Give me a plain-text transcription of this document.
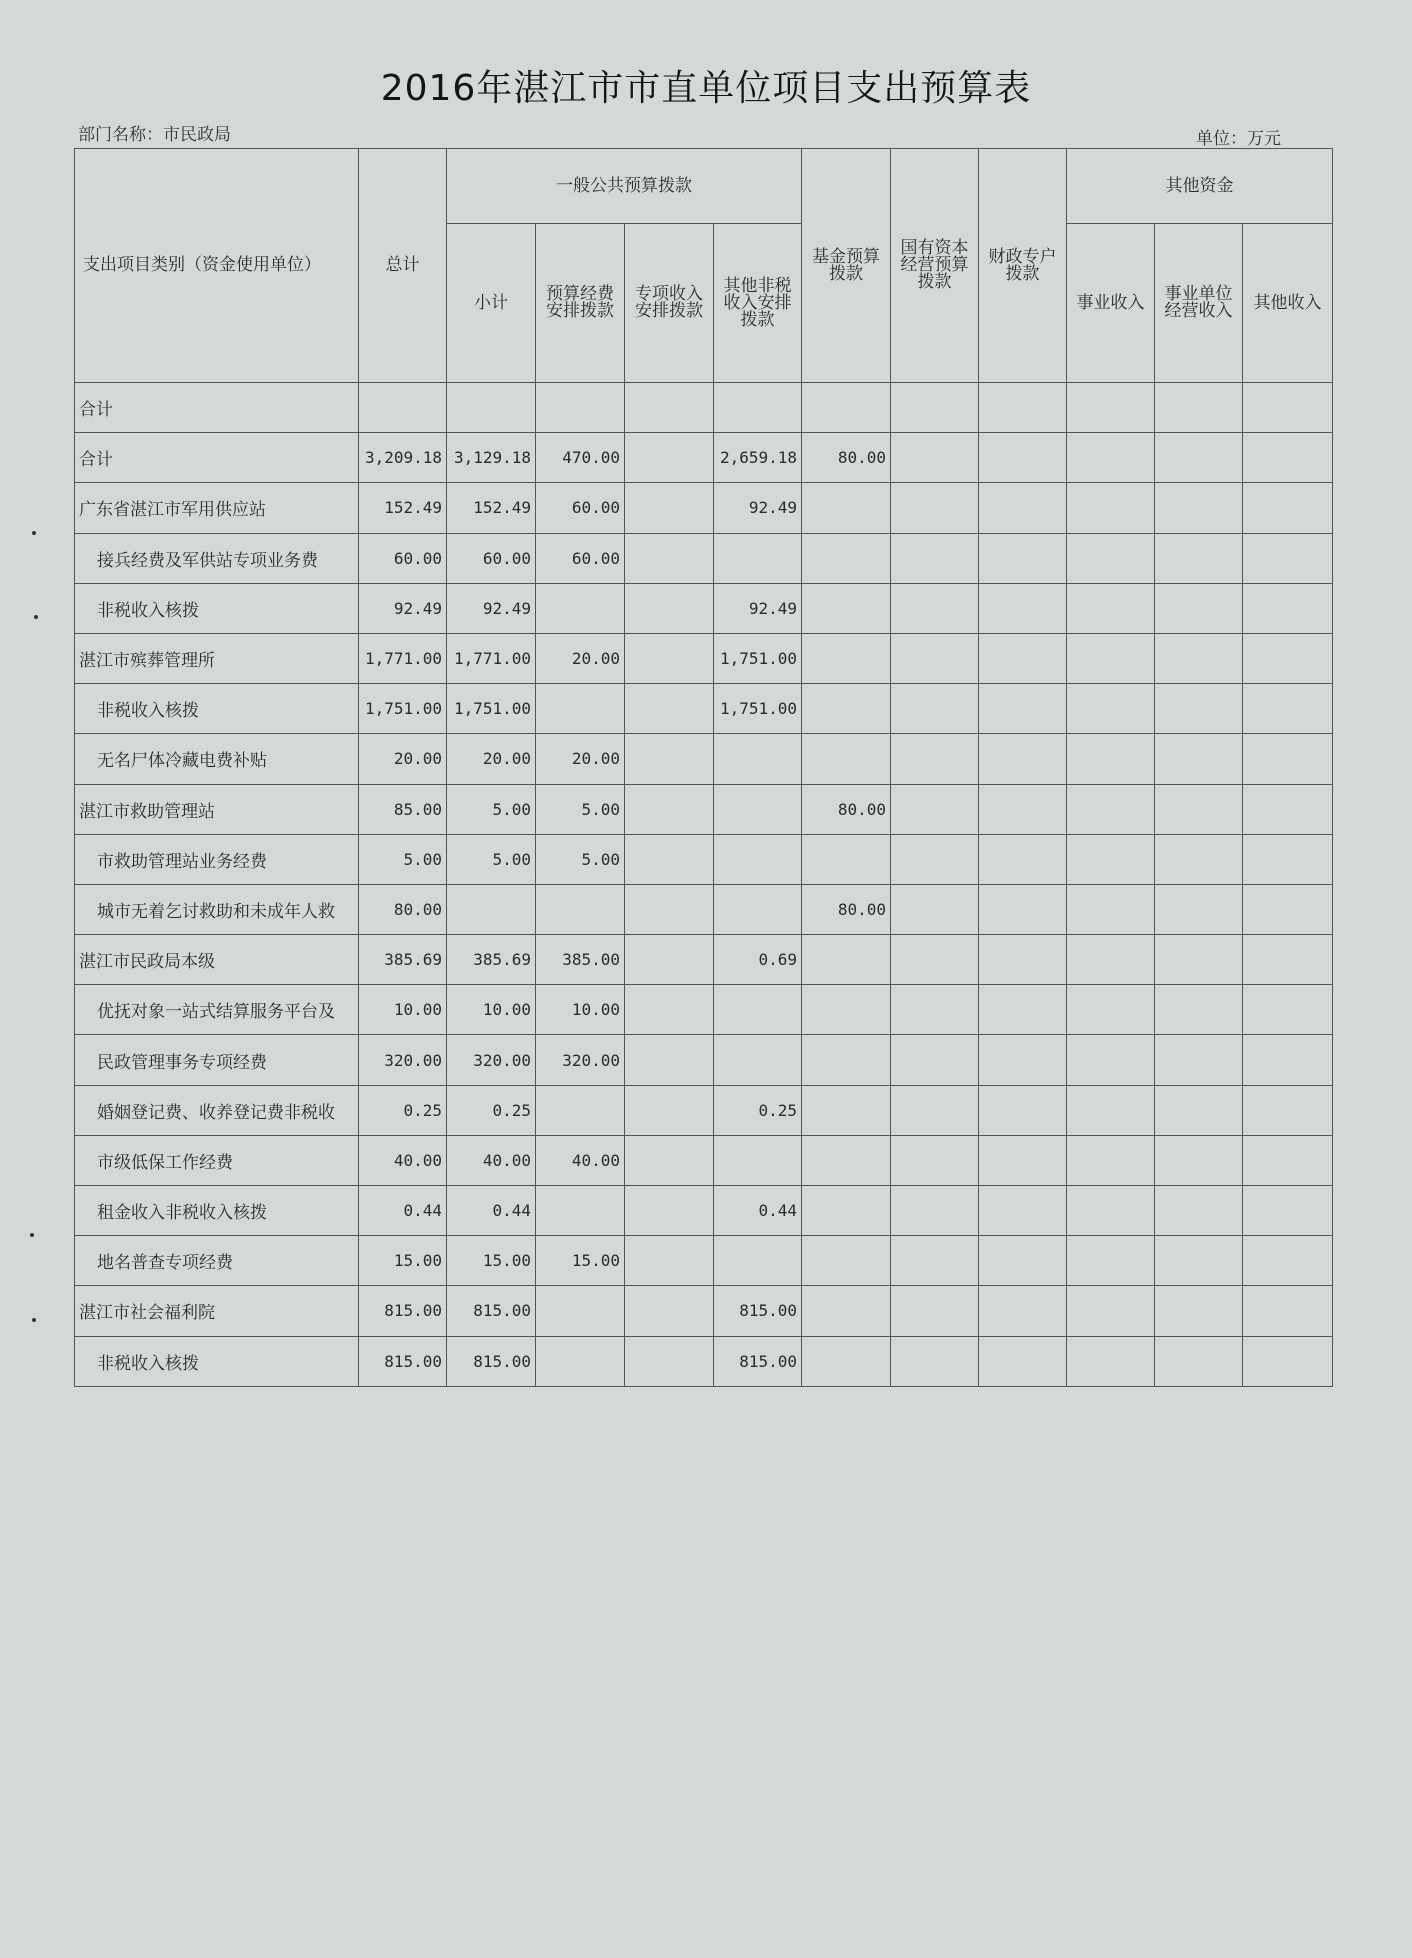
2016年湛江市市直单位项目支出预算表
部门名称：市民政局	单位：万元
支出项目类别（资金使用单位）	总计	一般公共预算拨款				基金预算拨款	国有资本经营预算拨款	财政专户拨款	其他资金		
		小计	预算经费安排拨款	专项收入安排拨款	其他非税收入安排拨款				事业收入	事业单位经营收入	其他收入
合计											
合计	3,209.18	3,129.18	470.00		2,659.18	80.00					
广东省湛江市军用供应站	152.49	152.49	60.00		92.49						
接兵经费及军供站专项业务费	60.00	60.00	60.00								
非税收入核拨	92.49	92.49			92.49						
湛江市殡葬管理所	1,771.00	1,771.00	20.00		1,751.00						
非税收入核拨	1,751.00	1,751.00			1,751.00						
无名尸体冷藏电费补贴	20.00	20.00	20.00								
湛江市救助管理站	85.00	5.00	5.00			80.00					
市救助管理站业务经费	5.00	5.00	5.00								
城市无着乞讨救助和未成年人救	80.00					80.00					
湛江市民政局本级	385.69	385.69	385.00		0.69						
优抚对象一站式结算服务平台及	10.00	10.00	10.00								
民政管理事务专项经费	320.00	320.00	320.00								
婚姻登记费、收养登记费非税收	0.25	0.25			0.25						
市级低保工作经费	40.00	40.00	40.00								
租金收入非税收入核拨	0.44	0.44			0.44						
地名普查专项经费	15.00	15.00	15.00								
湛江市社会福利院	815.00	815.00			815.00						
非税收入核拨	815.00	815.00			815.00						
